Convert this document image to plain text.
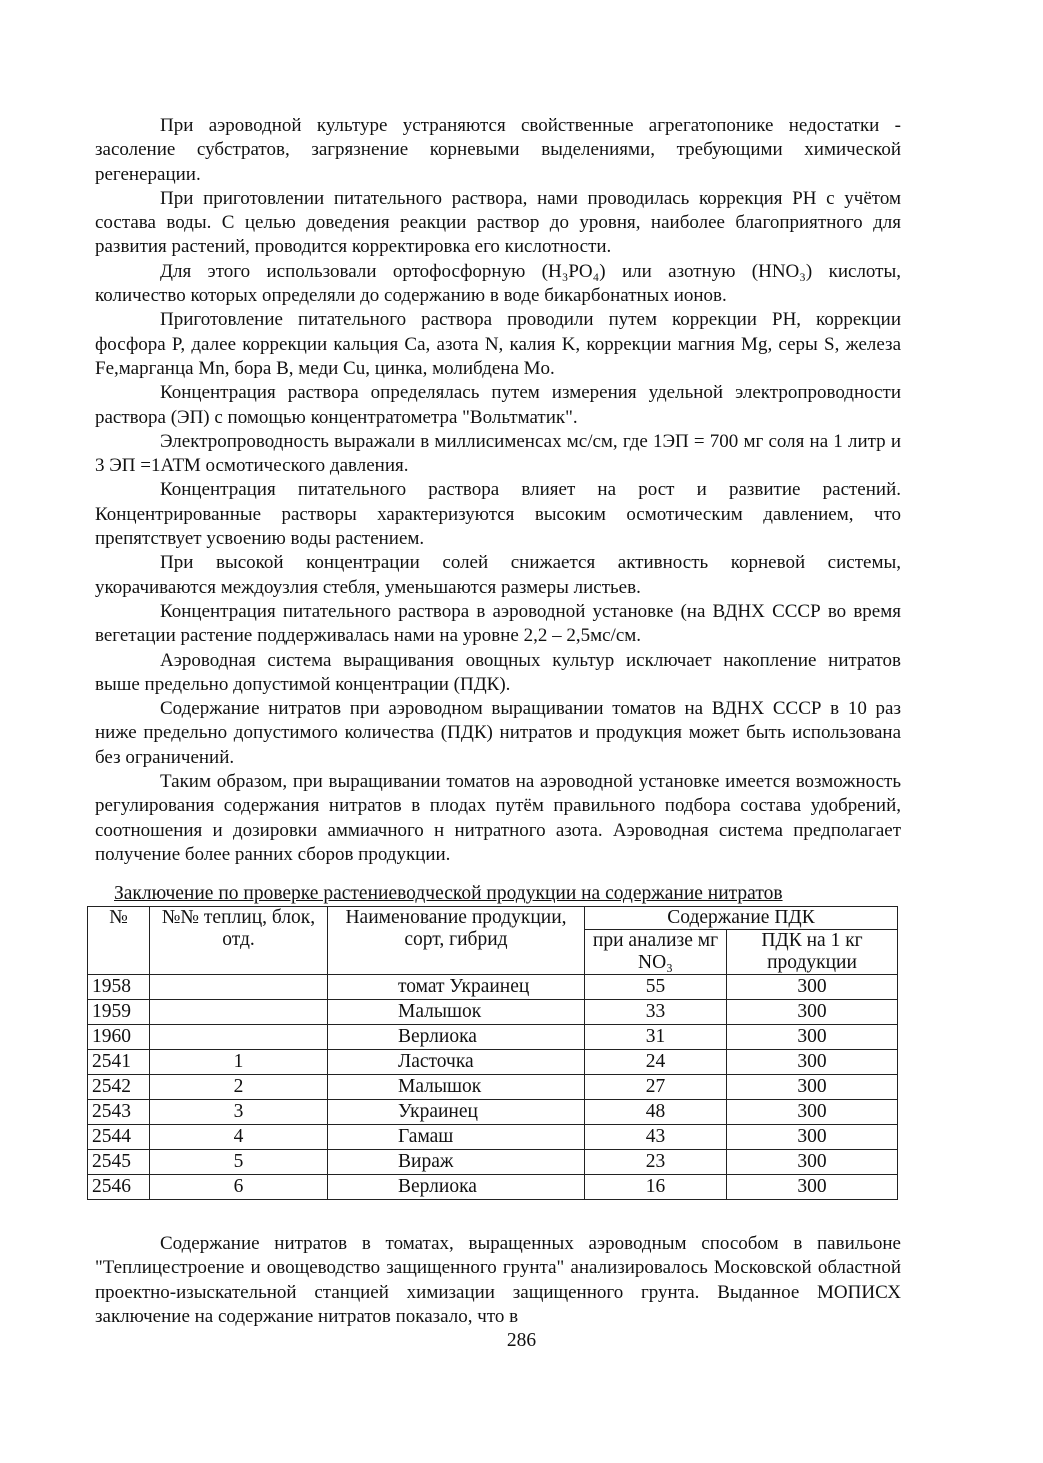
При аэроводной культуре устраняются свойственные агрегатопонике недостатки - засоление субстратов, загрязнение корневыми выделениями, требующими химической регенерации.

При приготовлении питательного раствора, нами проводилась коррекция РН с учётом состава воды. С целью доведения реакции раствор до уровня, наиболее благоприятного для развития растений, проводится корректировка его кислотности.

Для этого использовали ортофосфорную (H₃PO₄) или азотную (HNO₃) кислоты, количество которых определяли до содержанию в воде бикарбонатных ионов.

Приготовление питательного раствора проводили путем коррекции РН, коррекции фосфора P, далее коррекции кальция Ca, азота N, калия K, коррекции магния Mg, серы S, железа Fe,марганца Mn, бора B, меди Cu, цинка, молибдена Mo.

Концентрация раствора определялась путем измерения удельной электропроводности раствора (ЭП) с помощью концентратометра "Вольтматик".

Электропроводность выражали в миллисименсах мс/см, где 1ЭП = 700 мг соля на 1 литр и 3 ЭП =1АТМ осмотического давления.

Концентрация питательного раствора влияет на рост и развитие растений. Концентрированные растворы характеризуются высоким осмотическим давлением, что препятствует усвоению воды растением.

При высокой концентрации солей снижается активность корневой системы, укорачиваются междоузлия стебля, уменьшаются размеры листьев.

Концентрация питательного раствора в аэроводной установке (на ВДНХ СССР во время вегетации растение поддерживалась нами на уровне 2,2 – 2,5мс/см.

Аэроводная система выращивания овощных культур исключает накопление нитратов выше предельно допустимой концентрации (ПДК).

Содержание нитратов при аэроводном выращивании томатов на ВДНХ СССР в 10 раз ниже предельно допустимого количества (ПДК) нитратов и продукция может быть использована без ограничений.

Таким образом, при выращивании томатов на аэроводной установке имеется возможность регулирования содержания нитратов в плодах путём правильного подбора состава удобрений, соотношения и дозировки аммиачного н нитратного азота. Аэроводная система предполагает получение более ранних сборов продукции.

Заключение по проверке растениеводческой продукции на содержание нитратов
№	№№ теплиц, блок, отд.	Наименование продукции, сорт, гибрид	Содержание ПДК	
			при анализе мг NO₃	ПДК на 1 кг продукции
1958		томат Украинец	55	300
1959		Малышок	33	300
1960		Верлиока	31	300
2541	1	Ласточка	24	300
2542	2	Малышок	27	300
2543	3	Украинец	48	300
2544	4	Гамаш	43	300
2545	5	Вираж	23	300
2546	6	Верлиока	16	300

Содержание нитратов в томатах, выращенных аэроводным способом в павильоне "Теплицестроение и овощеводство защищенного грунта" анализировалось Московской областной проектно-изыскательной станцией химизации защищенного грунта. Выданное МОПИСХ заключение на содержание нитратов показало, что в

286
